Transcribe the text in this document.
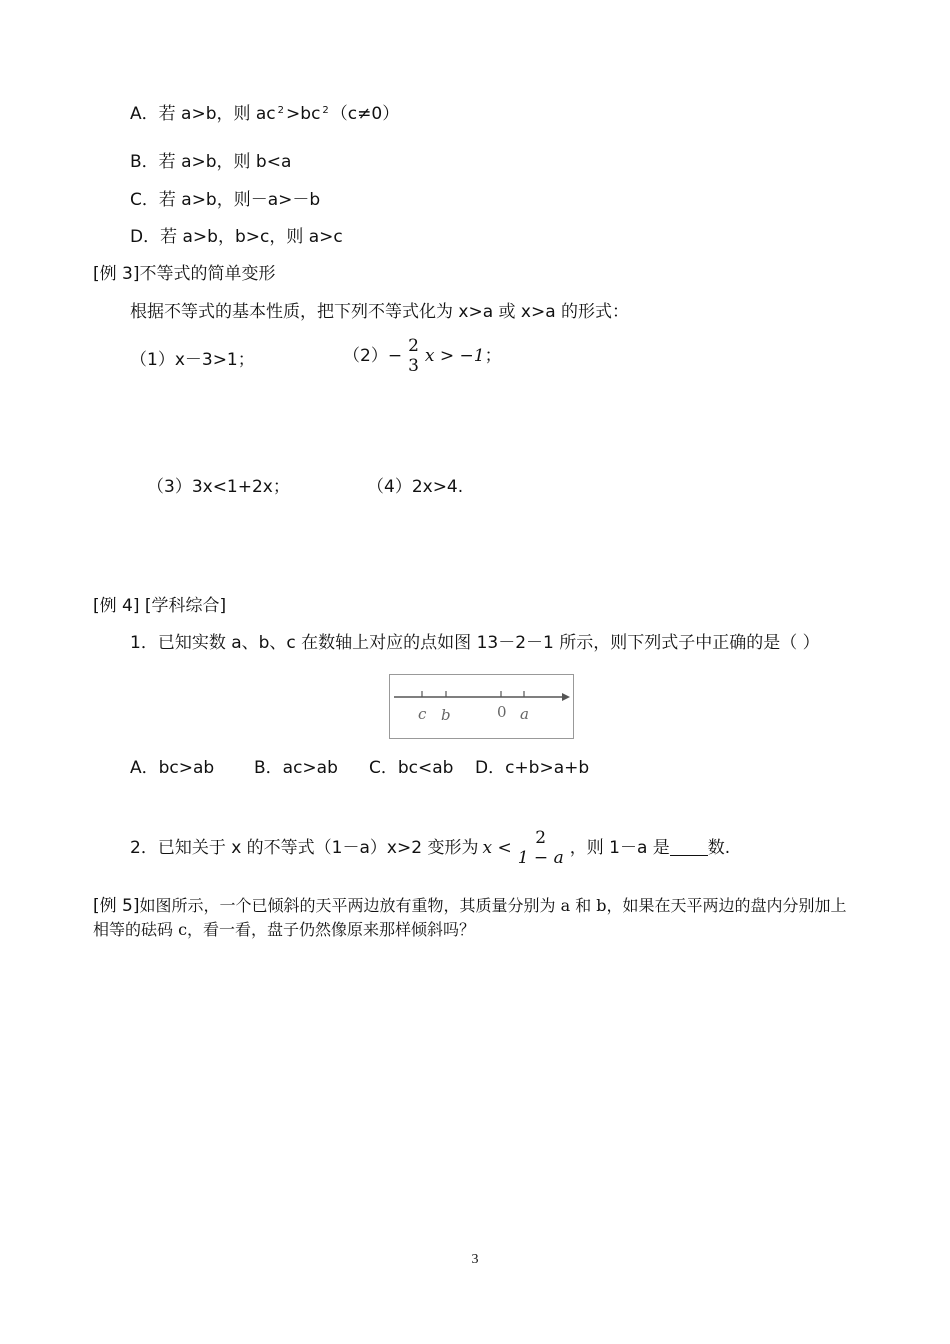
A．若 a>b，则 ac $^2$ >bc $^2$ （c≠0）
B．若 a>b，则 b<a
C．若 a>b，则－a>－b
D．若 a>b，b>c，则 a>c
[例 3]不等式的简单变形
根据不等式的基本性质，把下列不等式化为 x>a 或 x>a 的形式：
（1）x－3>1；	（2）−
2
3
x > −1；
（3）3x<1+2x；	（4）2x>4.
[例 4] [学科综合]
1．已知实数 a、b、c 在数轴上对应的点如图 13－2－1 所示，则下列式子中正确的是（ ）
c b	0 a
A．bc>ab B．ac>ab C．bc<ab D．c+b>a+b
2．已知关于 x 的不等式（1－a）x>2 变形为 x <
2
1 − a
，则 1－a 是 数.
[例 5]如图所示，一个已倾斜的天平两边放有重物，其质量分别为 a 和 b，如果在天平两边的盘内分别加上
相等的砝码 c，看一看，盘子仍然像原来那样倾斜吗？
3
